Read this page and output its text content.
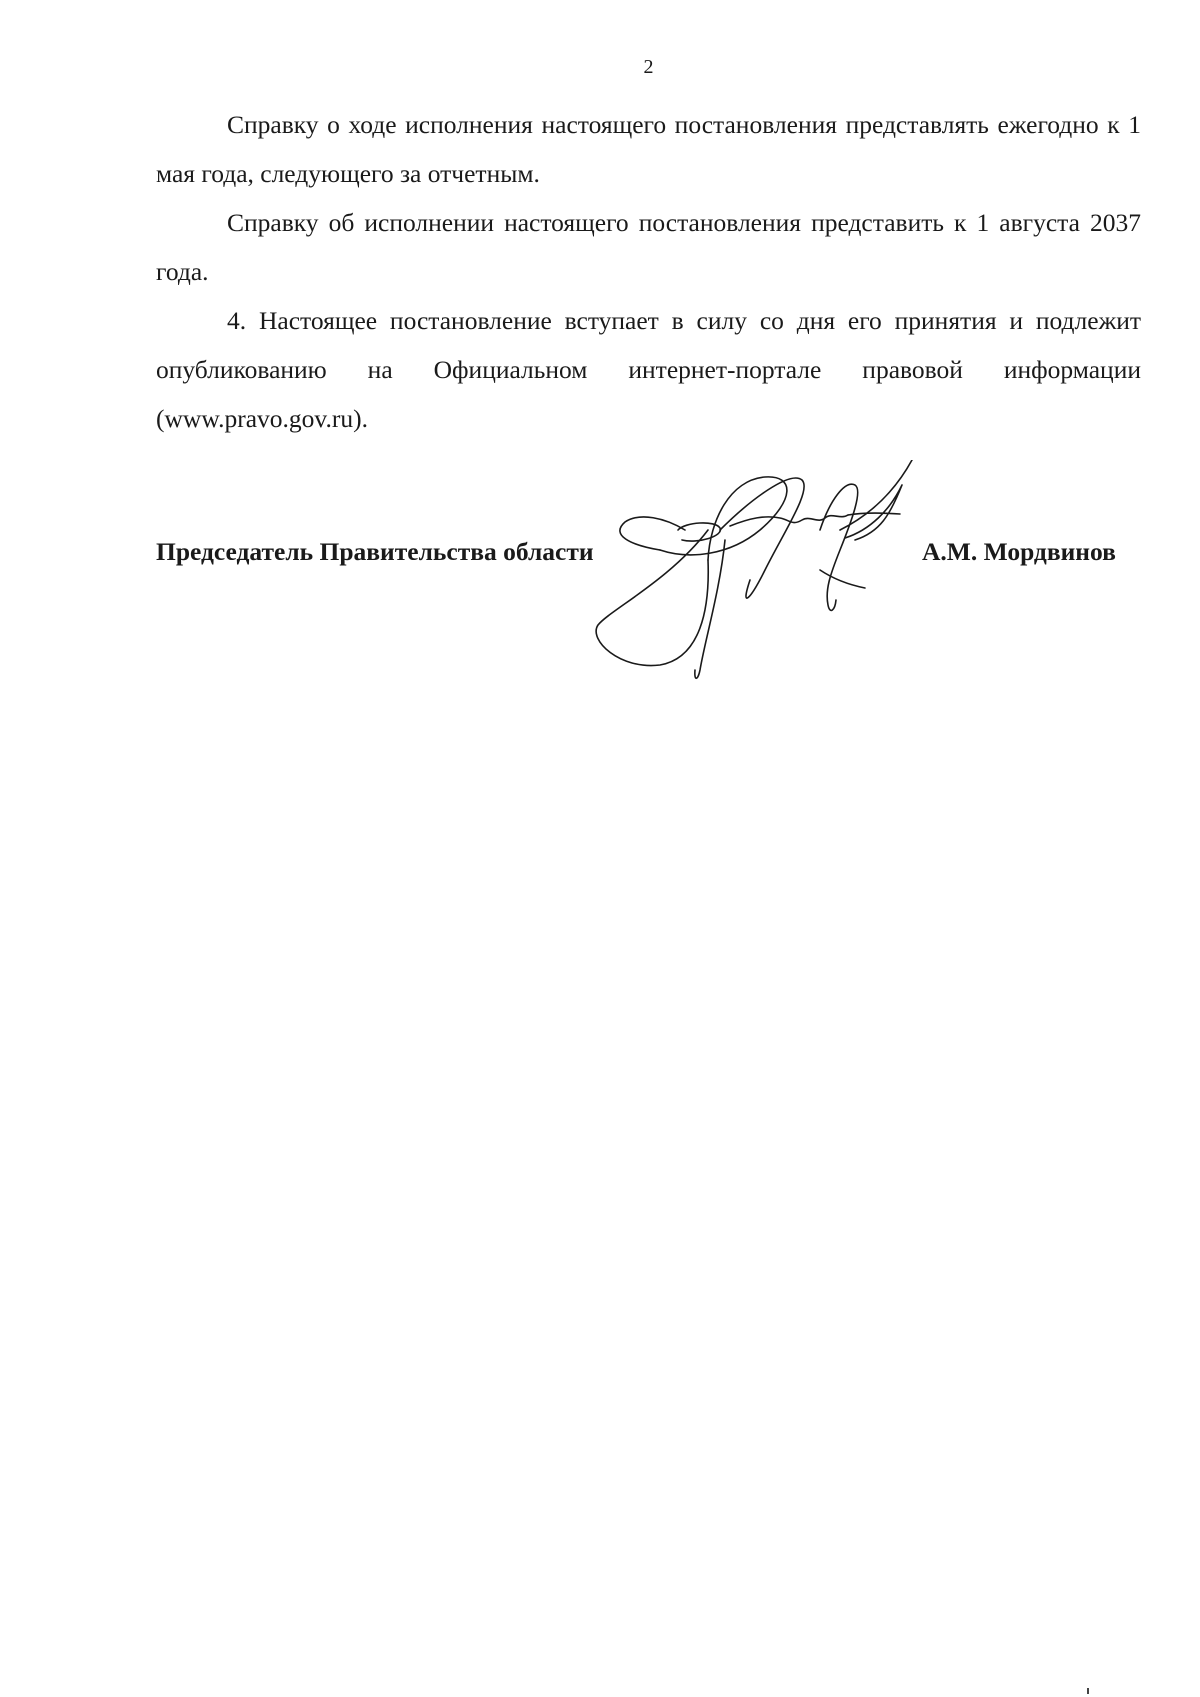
2

Справку о ходе исполнения настоящего постановления представлять ежегодно к 1 мая года, следующего за отчетным.

Справку об исполнении настоящего постановления представить к 1 августа 2037 года.

4. Настоящее постановление вступает в силу со дня его принятия и подлежит опубликованию на Официальном интернет-портале правовой информации (www.pravo.gov.ru).

Председатель Правительства области	А.М. Мордвинов
